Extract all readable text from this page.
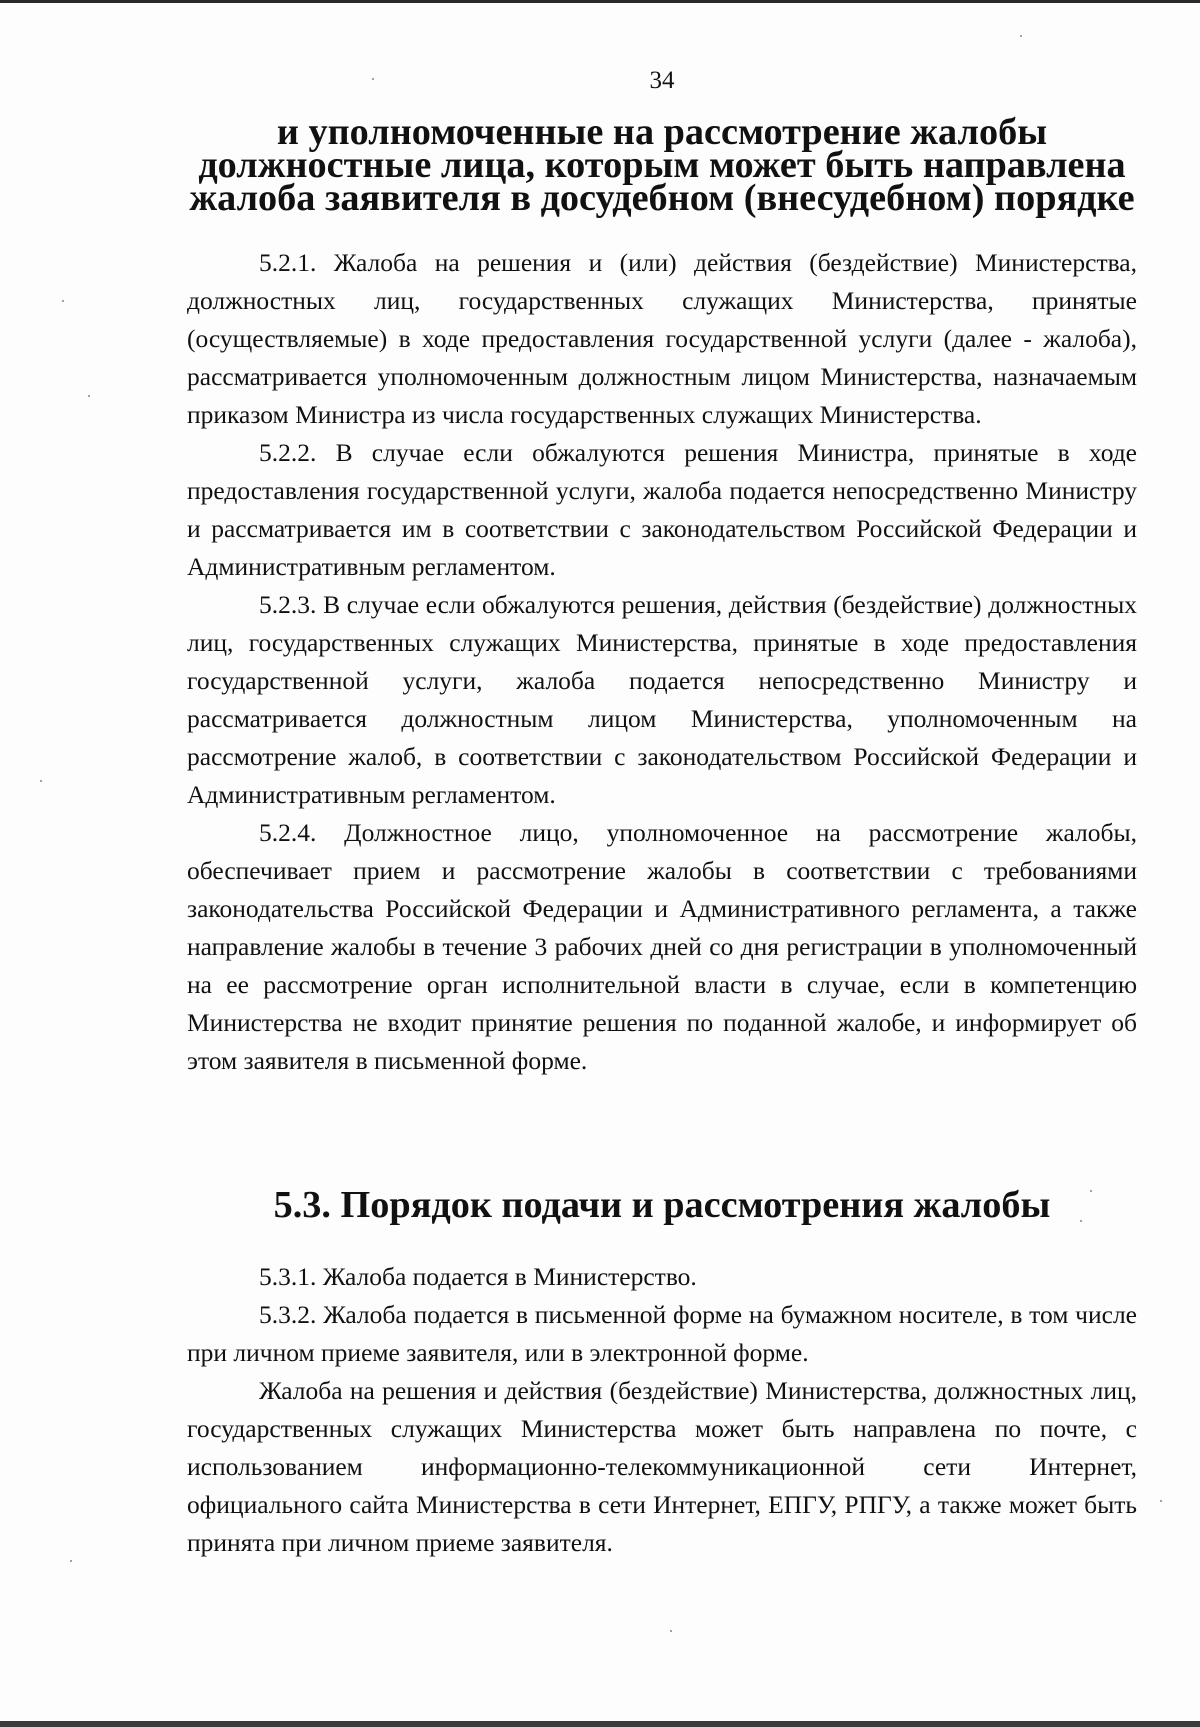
34
и уполномоченные на рассмотрение жалобы должностные лица, которым может быть направлена жалоба заявителя в досудебном (внесудебном) порядке

5.2.1. Жалоба на решения и (или) действия (бездействие) Министерства, должностных лиц, государственных служащих Министерства, принятые (осуществляемые) в ходе предоставления государственной услуги (далее - жалоба), рассматривается уполномоченным должностным лицом Министерства, назначаемым приказом Министра из числа государственных служащих Министерства.

5.2.2. В случае если обжалуются решения Министра, принятые в ходе предоставления государственной услуги, жалоба подается непосредственно Министру и рассматривается им в соответствии с законодательством Российской Федерации и Административным регламентом.

5.2.3. В случае если обжалуются решения, действия (бездействие) должностных лиц, государственных служащих Министерства, принятые в ходе предоставления государственной услуги, жалоба подается непосредственно Министру и рассматривается должностным лицом Министерства, уполномоченным на рассмотрение жалоб, в соответствии с законодательством Российской Федерации и Административным регламентом.

5.2.4. Должностное лицо, уполномоченное на рассмотрение жалобы, обеспечивает прием и рассмотрение жалобы в соответствии с требованиями законодательства Российской Федерации и Административного регламента, а также направление жалобы в течение 3 рабочих дней со дня регистрации в уполномоченный на ее рассмотрение орган исполнительной власти в случае, если в компетенцию Министерства не входит принятие решения по поданной жалобе, и информирует об этом заявителя в письменной форме.

5.3. Порядок подачи и рассмотрения жалобы

5.3.1. Жалоба подается в Министерство.

5.3.2. Жалоба подается в письменной форме на бумажном носителе, в том числе при личном приеме заявителя, или в электронной форме.

Жалоба на решения и действия (бездействие) Министерства, должностных лиц, государственных служащих Министерства может быть направлена по почте, с использованием информационно-телекоммуникационной сети Интернет, официального сайта Министерства в сети Интернет, ЕПГУ, РПГУ, а также может быть принята при личном приеме заявителя.
